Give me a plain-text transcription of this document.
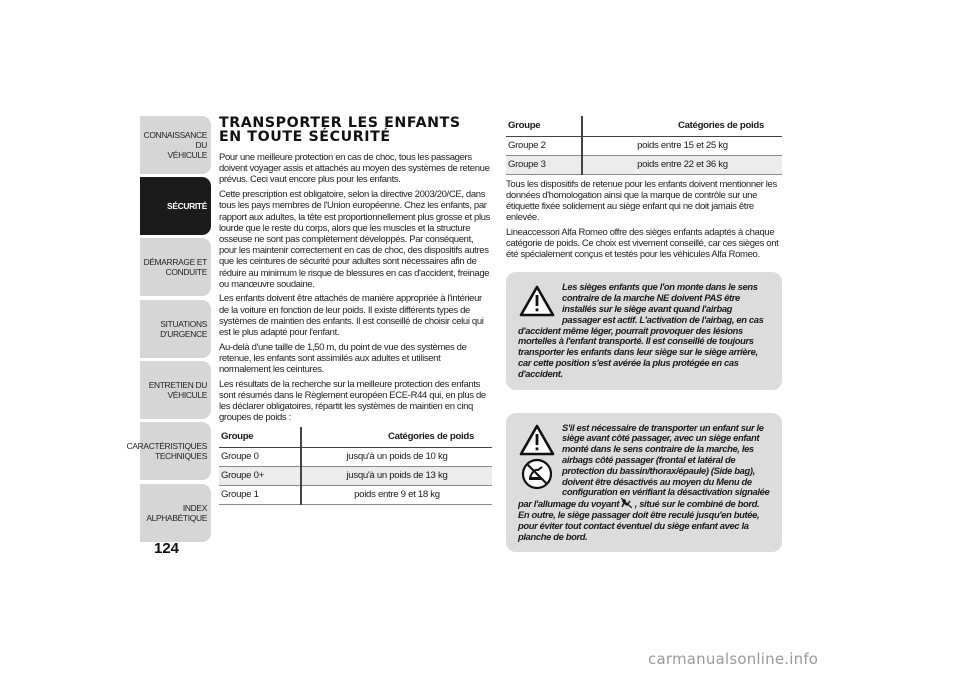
CONNAISSANCE DU
VÉHICULE
SÉCURITÉ
DÉMARRAGE ET
CONDUITE
SITUATIONS
D'URGENCE
ENTRETIEN DU
VÉHICULE
CARACTÉRISTIQUES
TECHNIQUES
INDEX
ALPHABÉTIQUE
124
TRANSPORTER LES ENFANTS EN TOUTE SÉCURITÉ

Pour une meilleure protection en cas de choc, tous les passagers doivent voyager assis et attachés au moyen des systèmes de retenue prévus. Ceci vaut encore plus pour les enfants.

Cette prescription est obligatoire, selon la directive 2003/20/CE, dans tous les pays membres de l'Union européenne. Chez les enfants, par rapport aux adultes, la tête est proportionnellement plus grosse et plus lourde que le reste du corps, alors que les muscles et la structure osseuse ne sont pas complètement développés. Par conséquent, pour les maintenir correctement en cas de choc, des dispositifs autres que les ceintures de sécurité pour adultes sont nécessaires afin de réduire au minimum le risque de blessures en cas d'accident, freinage ou manœuvre soudaine.

Les enfants doivent être attachés de manière appropriée à l'intérieur de la voiture en fonction de leur poids. Il existe différents types de systèmes de maintien des enfants. Il est conseillé de choisir celui qui est le plus adapté pour l'enfant.

Au-delà d'une taille de 1,50 m, du point de vue des systèmes de retenue, les enfants sont assimilés aux adultes et utilisent normalement les ceintures.

Les résultats de la recherche sur la meilleure protection des enfants sont résumés dans le Règlement européen ECE-R44 qui, en plus de les déclarer obligatoires, répartit les systèmes de maintien en cinq groupes de poids :

Groupe	Catégories de poids
Groupe 0	jusqu'à un poids de 10 kg
Groupe 0+	jusqu'à un poids de 13 kg
Groupe 1	poids entre 9 et 18 kg
Groupe	Catégories de poids
Groupe 2	poids entre 15 et 25 kg
Groupe 3	poids entre 22 et 36 kg

Tous les dispositifs de retenue pour les enfants doivent mentionner les données d'homologation ainsi que la marque de contrôle sur une étiquette fixée solidement au siège enfant qui ne doit jamais être enlevée.

Lineaccessori Alfa Romeo offre des sièges enfants adaptés à chaque catégorie de poids. Ce choix est vivement conseillé, car ces sièges ont été spécialement conçus et testés pour les véhicules Alfa Romeo.

Les sièges enfants que l'on monte dans le sens contraire de la marche NE doivent PAS être installés sur le siège avant quand l'airbag passager est actif. L'activation de l'airbag, en cas d'accident même léger, pourrait provoquer des lésions mortelles à l'enfant transporté. Il est conseillé de toujours transporter les enfants dans leur siège sur le siège arrière, car cette position s'est avérée la plus protégée en cas d'accident.
S'il est nécessaire de transporter un enfant sur le siège avant côté passager, avec un siège enfant monté dans le sens contraire de la marche, les airbags côté passager (frontal et latéral de protection du bassin/thorax/épaule) (Side bag), doivent être désactivés au moyen du Menu de configuration en vérifiant la désactivation signalée par l'allumage du voyant , situé sur le combiné de bord. En outre, le siège passager doit être reculé jusqu'en butée, pour éviter tout contact éventuel du siège enfant avec la planche de bord.
carmanualsonline.info
